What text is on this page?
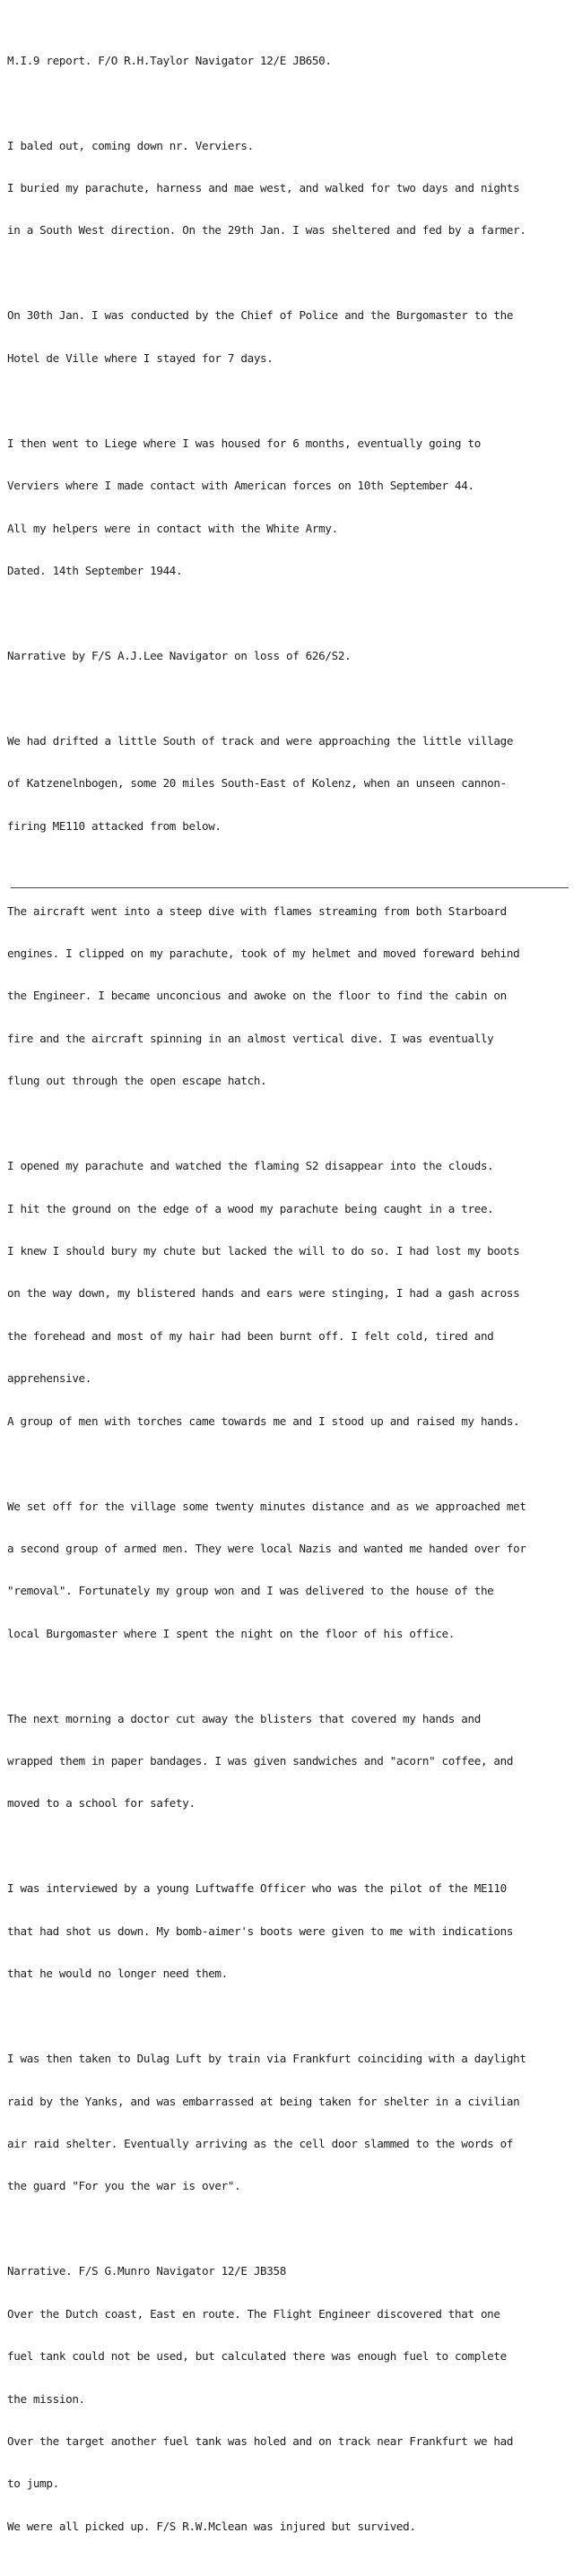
M.I.9 report. F/O R.H.Taylor Navigator 12/E JB650.

I baled out, coming down nr. Verviers.

I buried my parachute, harness and mae west, and walked for two days and nights

in a South West direction. On the 29th Jan. I was sheltered and fed by a farmer.

On 30th Jan. I was conducted by the Chief of Police and the Burgomaster to the

Hotel de Ville where I stayed for 7 days.

I then went to Liege where I was housed for 6 months, eventually going to

Verviers where I made contact with American forces on 10th September 44.

All my helpers were in contact with the White Army.

Dated. 14th September 1944.

Narrative by F/S A.J.Lee Navigator on loss of 626/S2.

We had drifted a little South of track and were approaching the little village

of Katzenelnbogen, some 20 miles South-East of Kolenz, when an unseen cannon-

firing ME110 attacked from below.

The aircraft went into a steep dive with flames streaming from both Starboard

engines. I clipped on my parachute, took of my helmet and moved foreward behind

the Engineer. I became unconcious and awoke on the floor to find the cabin on

fire and the aircraft spinning in an almost vertical dive. I was eventually

flung out through the open escape hatch.

I opened my parachute and watched the flaming S2 disappear into the clouds.

I hit the ground on the edge of a wood my parachute being caught in a tree.

I knew I should bury my chute but lacked the will to do so. I had lost my boots

on the way down, my blistered hands and ears were stinging, I had a gash across

the forehead and most of my hair had been burnt off. I felt cold, tired and

apprehensive.

A group of men with torches came towards me and I stood up and raised my hands.

We set off for the village some twenty minutes distance and as we approached met

a second group of armed men. They were local Nazis and wanted me handed over for

"removal". Fortunately my group won and I was delivered to the house of the

local Burgomaster where I spent the night on the floor of his office.

The next morning a doctor cut away the blisters that covered my hands and

wrapped them in paper bandages. I was given sandwiches and "acorn" coffee, and

moved to a school for safety.

I was interviewed by a young Luftwaffe Officer who was the pilot of the ME110

that had shot us down. My bomb-aimer's boots were given to me with indications

that he would no longer need them.

I was then taken to Dulag Luft by train via Frankfurt coinciding with a daylight

raid by the Yanks, and was embarrassed at being taken for shelter in a civilian

air raid shelter. Eventually arriving as the cell door slammed to the words of

the guard "For you the war is over".

Narrative. F/S G.Munro Navigator 12/E JB358

Over the Dutch coast, East en route. The Flight Engineer discovered that one

fuel tank could not be used, but calculated there was enough fuel to complete

the mission.

Over the target another fuel tank was holed and on track near Frankfurt we had

to jump.

We were all picked up. F/S R.W.Mclean was injured but survived.
